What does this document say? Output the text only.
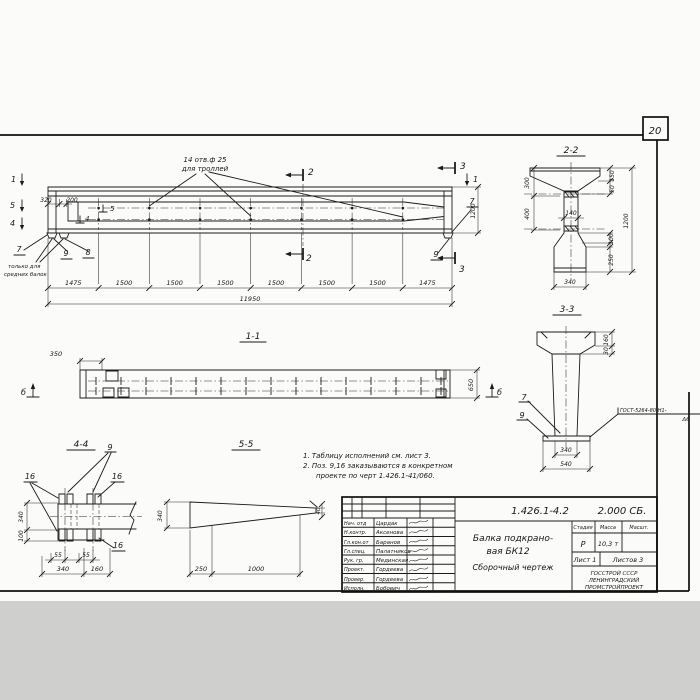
20
14 отв.ф 25
для троллей
1
5
4
2
2
3
3
1
5
4
7	9 8
7
9
только для
средних балок
320 200
1200
1475	1500	1500	1500	1500	1500	1500	1475
11950
2-2
300
400	140
150
50
1200
100
250
340
3-3
160
30
340
540
7
9	ГОСТ-5264-80-Н1-
Δ6
1-1
350
650
б	б
4-4 9
16	16
16
340
100
55	55
340	160
5-5
340
250	1000
40
1. Таблицу исполнений см. лист 3.
2. Поз. 9,16 заказываются в конкретном
проекте по черт 1.426.1-41/060.
1.426.1-4.2	2.000 СБ.
Нач. отд Цардак
Н.контр. Аксенова
Гл.кон.от Баранов
Гл.спец. Палатников
Рук. гр. Мединская
Проект. Гордеева
Провер. Гордеева
Исполн. Бобович
Балка подкрано-
вая БК12
Сборочный чертеж
Стадия Масса	Масшт.
Р 10,3 т
Лист 1	Листов 3
ГОССТРОЙ СССР
ЛЕНИНГРАДСКИЙ
ПРОМСТРОЙПРОЕКТ
